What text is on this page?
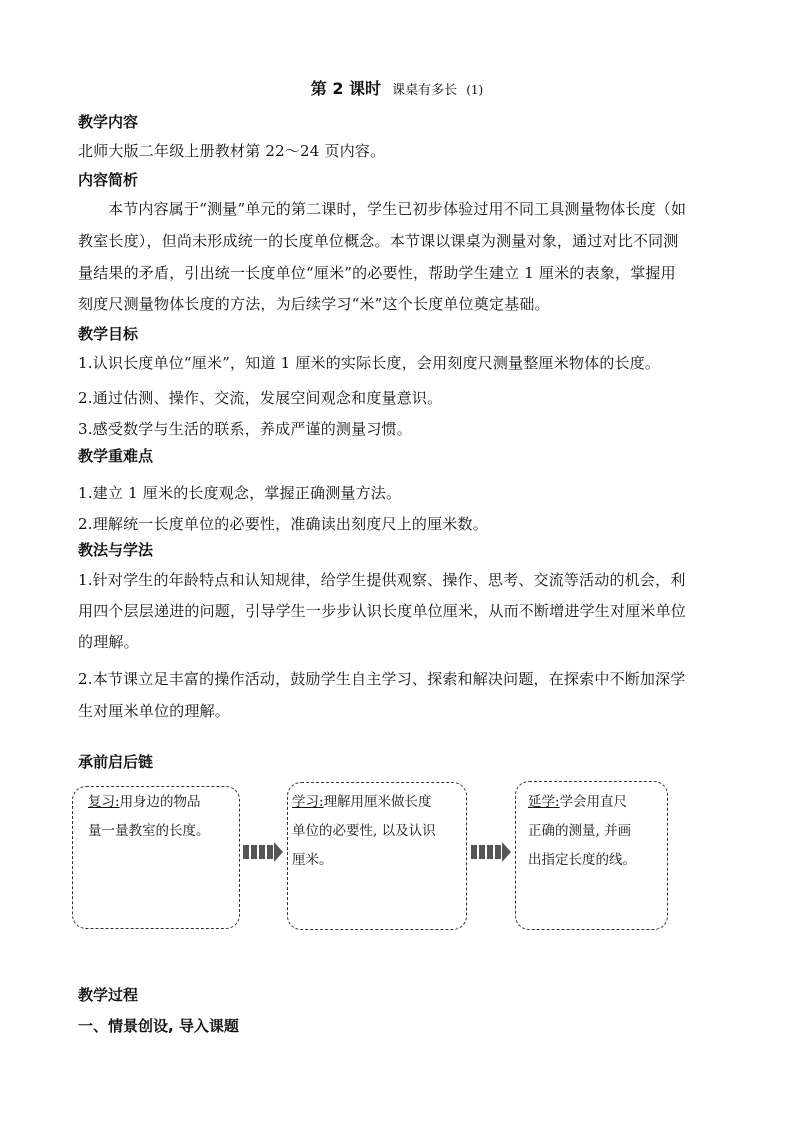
第 2 课时 课桌有多长 (1)
教学内容
北师大版二年级上册教材第 22～24 页内容。
内容简析
本节内容属于“测量”单元的第二课时，学生已初步体验过用不同工具测量物体长度（如
教室长度），但尚未形成统一的长度单位概念。本节课以课桌为测量对象，通过对比不同测
量结果的矛盾，引出统一长度单位“厘米”的必要性，帮助学生建立 1 厘米的表象，掌握用
刻度尺测量物体长度的方法，为后续学习“米”这个长度单位奠定基础。
教学目标
1.认识长度单位“厘米”，知道 1 厘米的实际长度，会用刻度尺测量整厘米物体的长度。
2.通过估测、操作、交流，发展空间观念和度量意识。
3.感受数学与生活的联系，养成严谨的测量习惯。
教学重难点
1.建立 1 厘米的长度观念，掌握正确测量方法。
2.理解统一长度单位的必要性，准确读出刻度尺上的厘米数。
教法与学法
1.针对学生的年龄特点和认知规律，给学生提供观察、操作、思考、交流等活动的机会，利
用四个层层递进的问题，引导学生一步步认识长度单位厘米，从而不断增进学生对厘米单位
的理解。
2.本节课立足丰富的操作活动，鼓励学生自主学习、探索和解决问题，在探索中不断加深学
生对厘米单位的理解。
承前启后链
复习:用身边的物品
量一量教室的长度。
学习:理解用厘米做长度
单位的必要性, 以及认识
厘米。
延学:学会用直尺
正确的测量, 并画
出指定长度的线。
教学过程
一、情景创设, 导入课题
